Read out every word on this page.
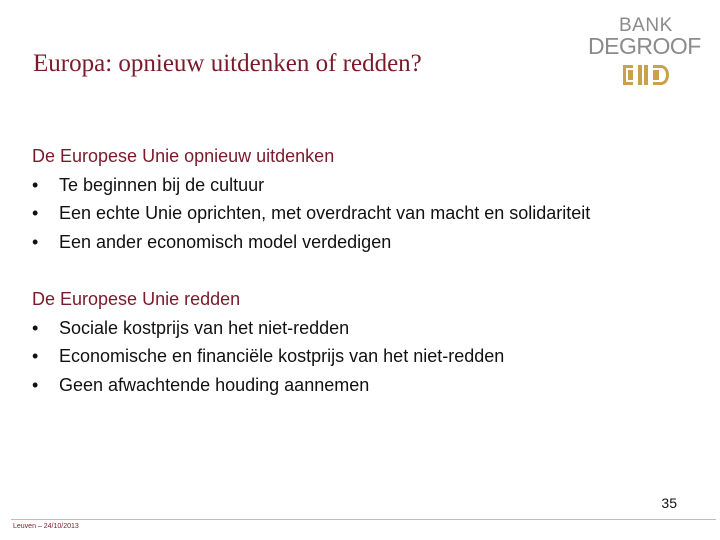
Europa: opnieuw uitdenken of redden?
BANK
DEGROOF
De Europese Unie opnieuw uitdenken
•	Te beginnen bij de cultuur
•	Een echte Unie oprichten, met overdracht van macht en solidariteit
•	Een ander economisch model verdedigen
De Europese Unie redden
•	Sociale kostprijs van het niet-redden
•	Economische en financiële kostprijs van het niet-redden
•	Geen afwachtende houding aannemen
35
Leuven – 24/10/2013
